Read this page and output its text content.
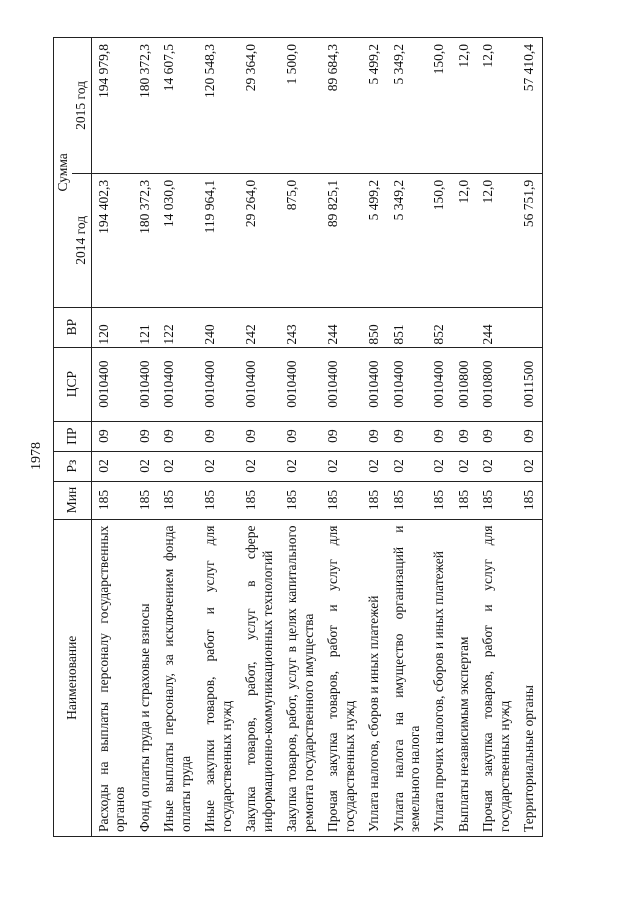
1978
Наименование	Мин	Рз	ПР	ЦСР	ВР	Сумма	
						2014 год	2015 год
Расходы на выплаты персоналу государственных органов	185	02	09	0010400	120	194 402,3	194 979,8
Фонд оплаты труда и страховые взносы	185	02	09	0010400	121	180 372,3	180 372,3
Иные выплаты персоналу, за исключением фонда оплаты труда	185	02	09	0010400	122	14 030,0	14 607,5
Иные закупки товаров, работ и услуг для государственных нужд	185	02	09	0010400	240	119 964,1	120 548,3
Закупка товаров, работ, услуг в сфере информационно-коммуникационных технологий	185	02	09	0010400	242	29 264,0	29 364,0
Закупка товаров, работ, услуг в целях капитального ремонта государственного имущества	185	02	09	0010400	243	875,0	1 500,0
Прочая закупка товаров, работ и услуг для государственных нужд	185	02	09	0010400	244	89 825,1	89 684,3
Уплата налогов, сборов и иных платежей	185	02	09	0010400	850	5 499,2	5 499,2
Уплата налога на имущество организаций и земельного налога	185	02	09	0010400	851	5 349,2	5 349,2
Уплата прочих налогов, сборов и иных платежей	185	02	09	0010400	852	150,0	150,0
Выплаты независимым экспертам	185	02	09	0010800		12,0	12,0
Прочая закупка товаров, работ и услуг для государственных нужд	185	02	09	0010800	244	12,0	12,0
Территориальные органы	185	02	09	0011500		56 751,9	57 410,4
